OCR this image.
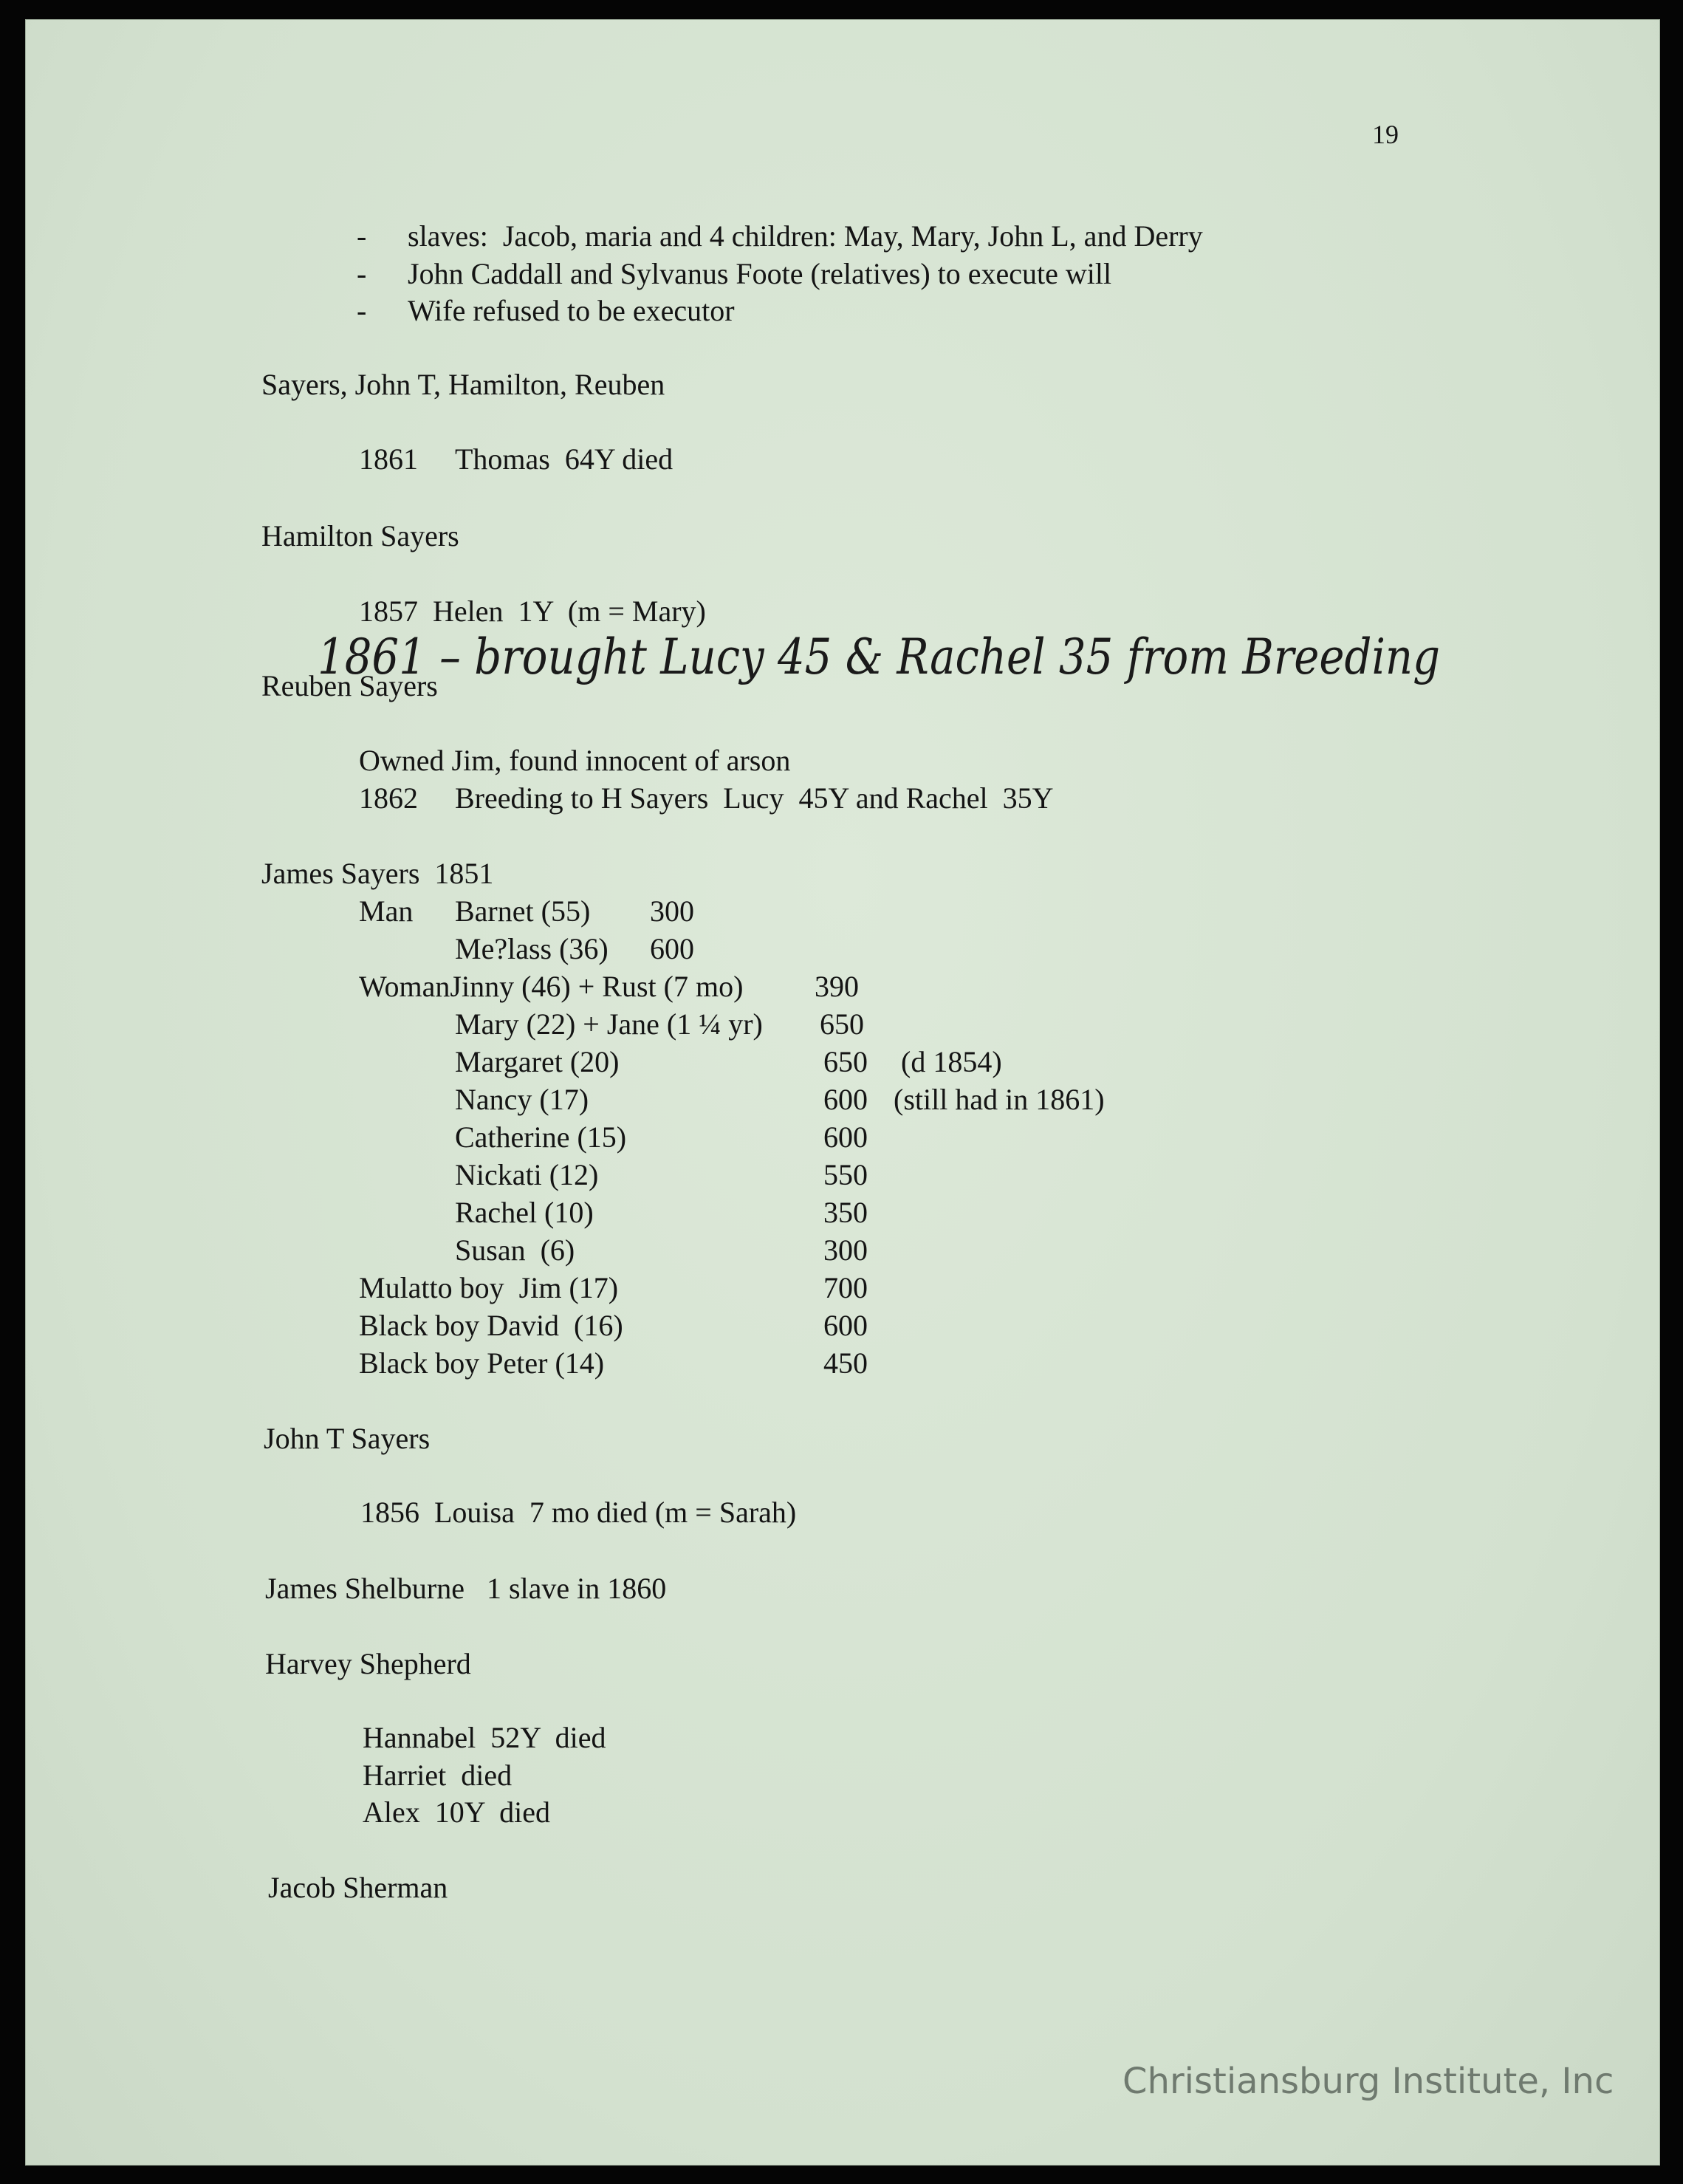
19
- slaves:  Jacob, maria and 4 children: May, Mary, John L, and Derry
- John Caddall and Sylvanus Foote (relatives) to execute will
- Wife refused to be executor
Sayers, John T, Hamilton, Reuben
1861 Thomas  64Y died
Hamilton Sayers
1857  Helen  1Y  (m = Mary)
1861 – brought Lucy 45 & Rachel 35 from Breeding
Reuben Sayers
Owned Jim, found innocent of arson
1862 Breeding to H Sayers  Lucy  45Y and Rachel  35Y
James Sayers  1851
Man Barnet (55) 300
Me?lass (36) 600
Woman Jinny (46) + Rust (7 mo) 390
Mary (22) + Jane (1 ¼ yr) 650
Margaret (20)	650 (d 1854)
Nancy (17)	600 (still had in 1861)
Catherine (15)	600
Nickati (12)	550
Rachel (10)	350
Susan  (6)	300
Mulatto boy  Jim (17)	700
Black boy David  (16)	600
Black boy Peter (14)	450
John T Sayers
1856  Louisa  7 mo died (m = Sarah)
James Shelburne   1 slave in 1860
Harvey Shepherd
Hannabel  52Y  died
Harriet  died
Alex  10Y  died
Jacob Sherman
Christiansburg Institute, Inc
